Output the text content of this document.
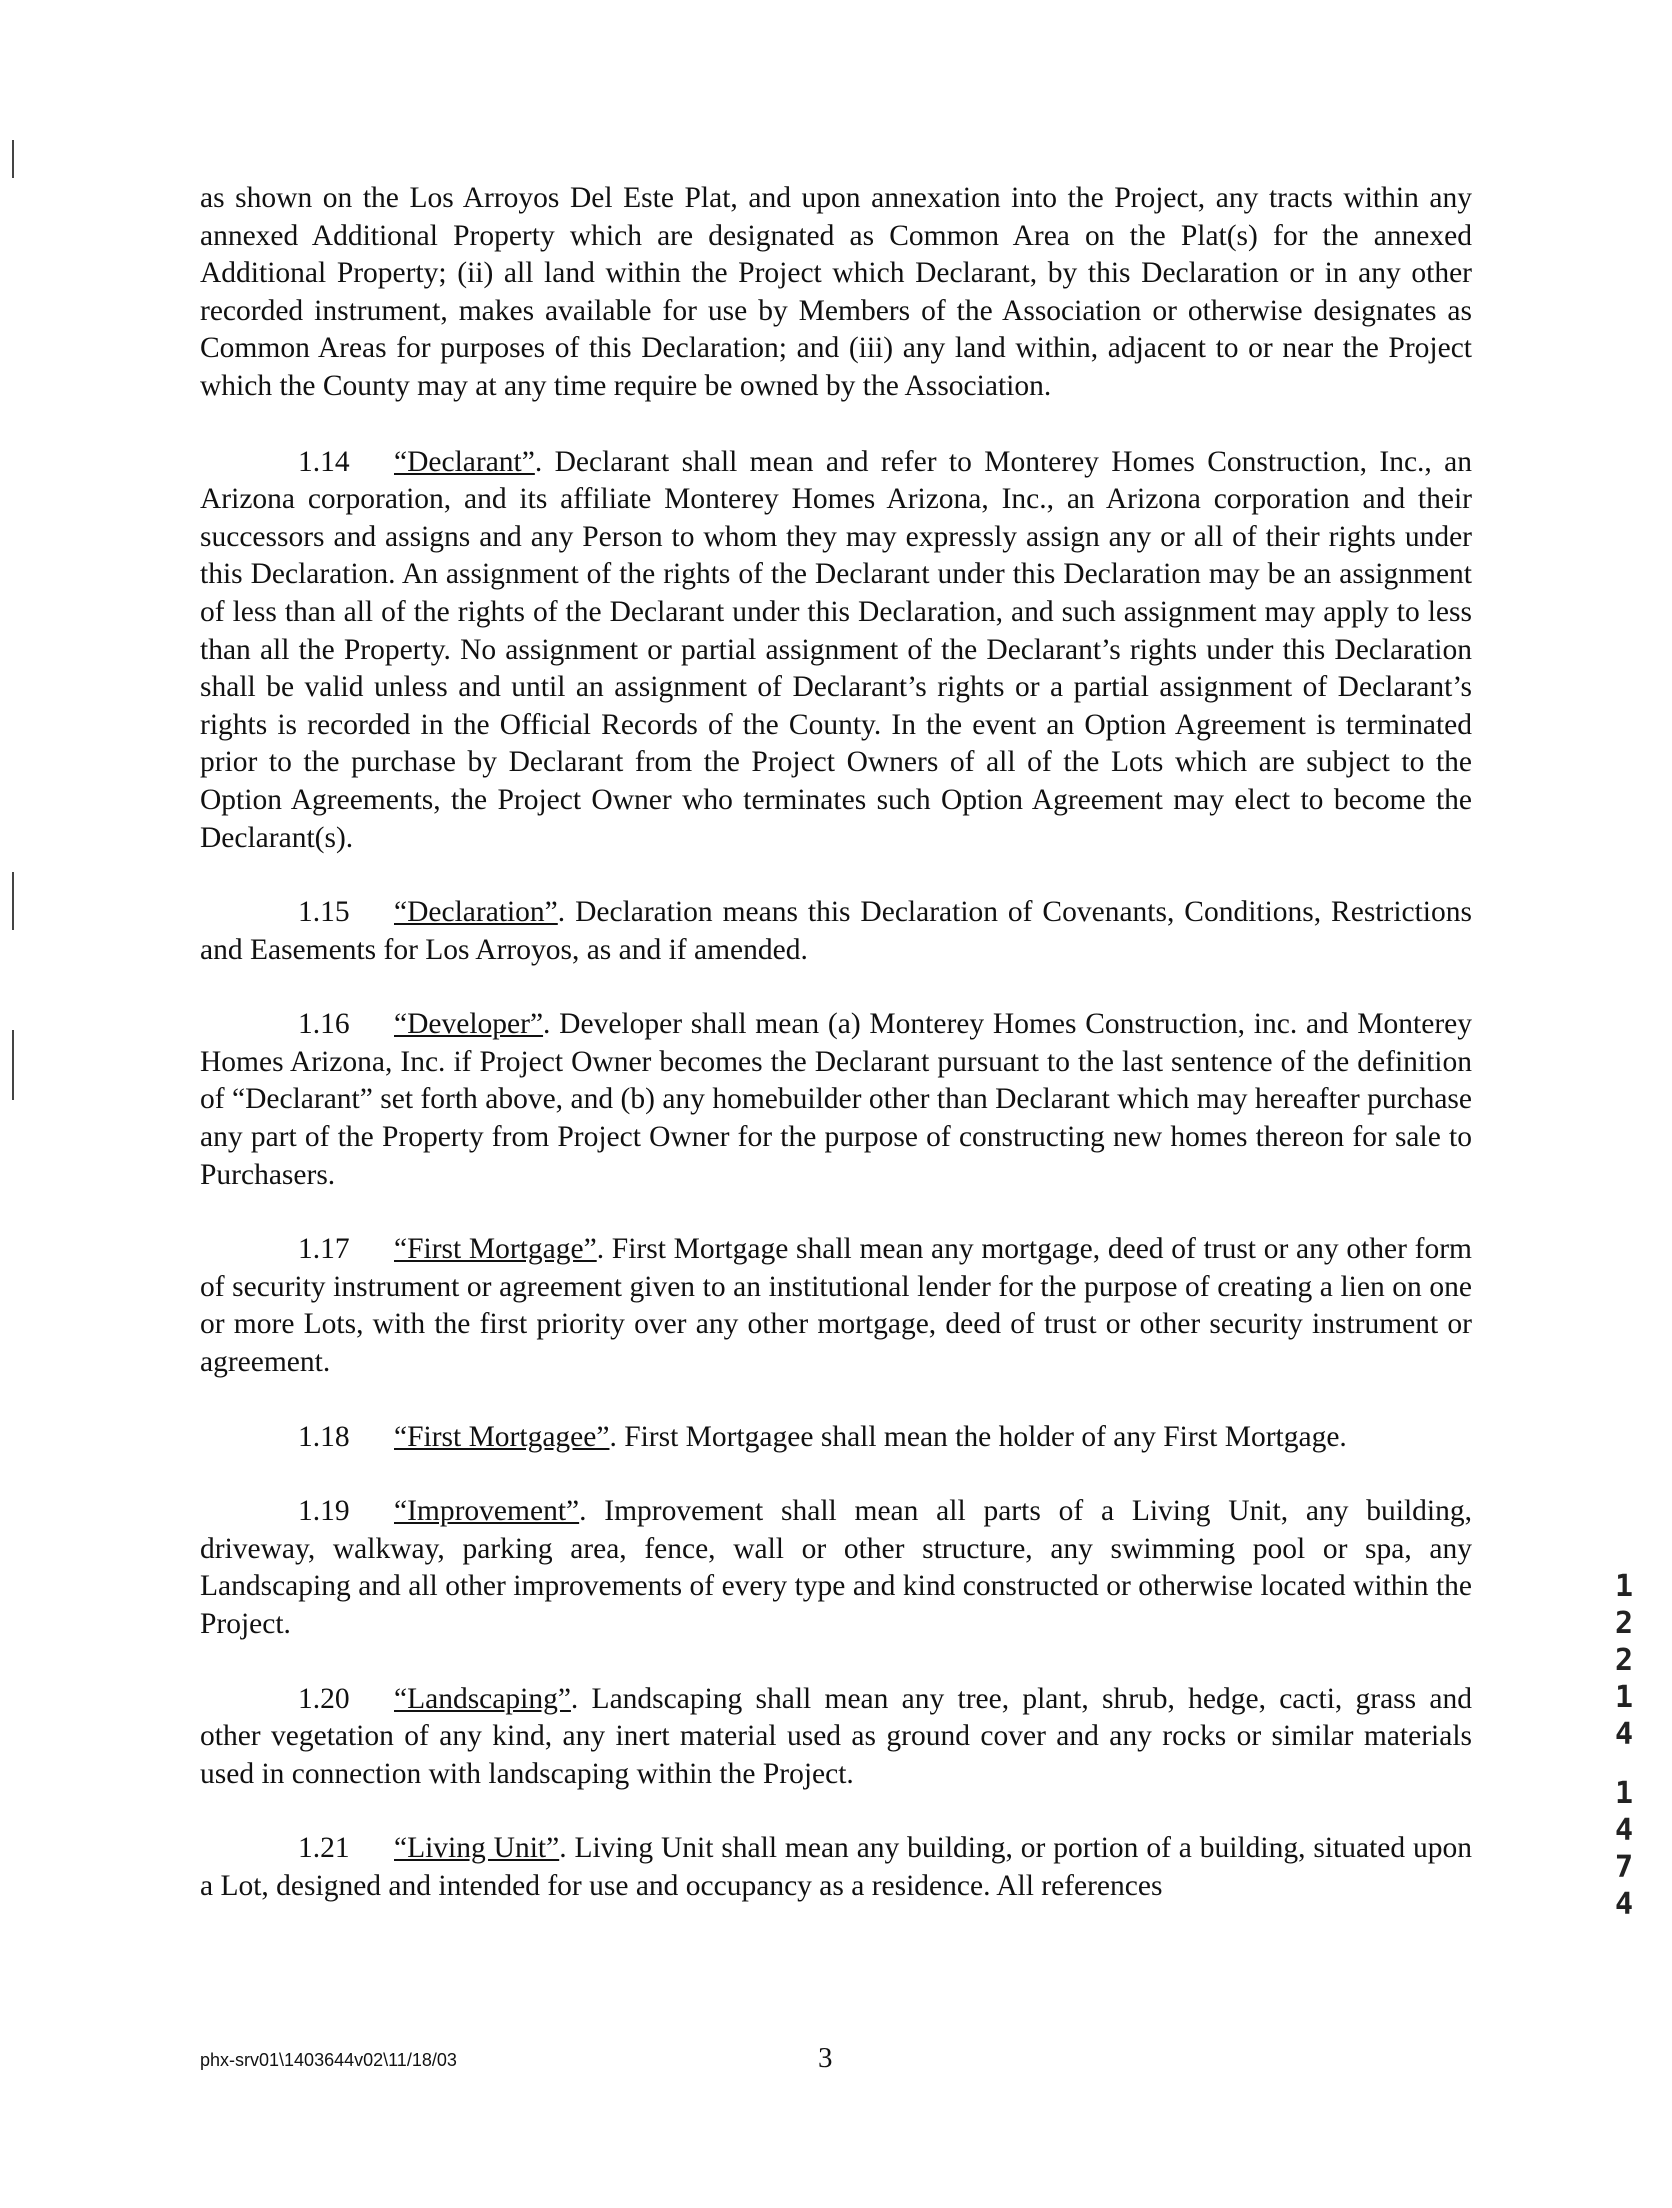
as shown on the Los Arroyos Del Este Plat, and upon annexation into the Project, any tracts within any annexed Additional Property which are designated as Common Area on the Plat(s) for the annexed Additional Property; (ii) all land within the Project which Declarant, by this Declaration or in any other recorded instrument, makes available for use by Members of the Association or otherwise designates as Common Areas for purposes of this Declaration; and (iii) any land within, adjacent to or near the Project which the County may at any time require be owned by the Association.

1.14 “Declarant”. Declarant shall mean and refer to Monterey Homes Construction, Inc., an Arizona corporation, and its affiliate Monterey Homes Arizona, Inc., an Arizona corporation and their successors and assigns and any Person to whom they may expressly assign any or all of their rights under this Declaration. An assignment of the rights of the Declarant under this Declaration may be an assignment of less than all of the rights of the Declarant under this Declaration, and such assignment may apply to less than all the Property. No assignment or partial assignment of the Declarant’s rights under this Declaration shall be valid unless and until an assignment of Declarant’s rights or a partial assignment of Declarant’s rights is recorded in the Official Records of the County. In the event an Option Agreement is terminated prior to the purchase by Declarant from the Project Owners of all of the Lots which are subject to the Option Agreements, the Project Owner who terminates such Option Agreement may elect to become the Declarant(s).

1.15 “Declaration”. Declaration means this Declaration of Covenants, Conditions, Restrictions and Easements for Los Arroyos, as and if amended.

1.16 “Developer”. Developer shall mean (a) Monterey Homes Construction, inc. and Monterey Homes Arizona, Inc. if Project Owner becomes the Declarant pursuant to the last sentence of the definition of “Declarant” set forth above, and (b) any homebuilder other than Declarant which may hereafter purchase any part of the Property from Project Owner for the purpose of constructing new homes thereon for sale to Purchasers.

1.17 “First Mortgage”. First Mortgage shall mean any mortgage, deed of trust or any other form of security instrument or agreement given to an institutional lender for the purpose of creating a lien on one or more Lots, with the first priority over any other mortgage, deed of trust or other security instrument or agreement.

1.18 “First Mortgagee”. First Mortgagee shall mean the holder of any First Mortgage.

1.19 “Improvement”. Improvement shall mean all parts of a Living Unit, any building, driveway, walkway, parking area, fence, wall or other structure, any swimming pool or spa, any Landscaping and all other improvements of every type and kind constructed or otherwise located within the Project.

1.20 “Landscaping”. Landscaping shall mean any tree, plant, shrub, hedge, cacti, grass and other vegetation of any kind, any inert material used as ground cover and any rocks or similar materials used in connection with landscaping within the Project.

1.21 “Living Unit”. Living Unit shall mean any building, or portion of a building, situated upon a Lot, designed and intended for use and occupancy as a residence. All references

1
2
2
1
4
1
4
7
4
phx-srv01\1403644v02\11/18/03	3
